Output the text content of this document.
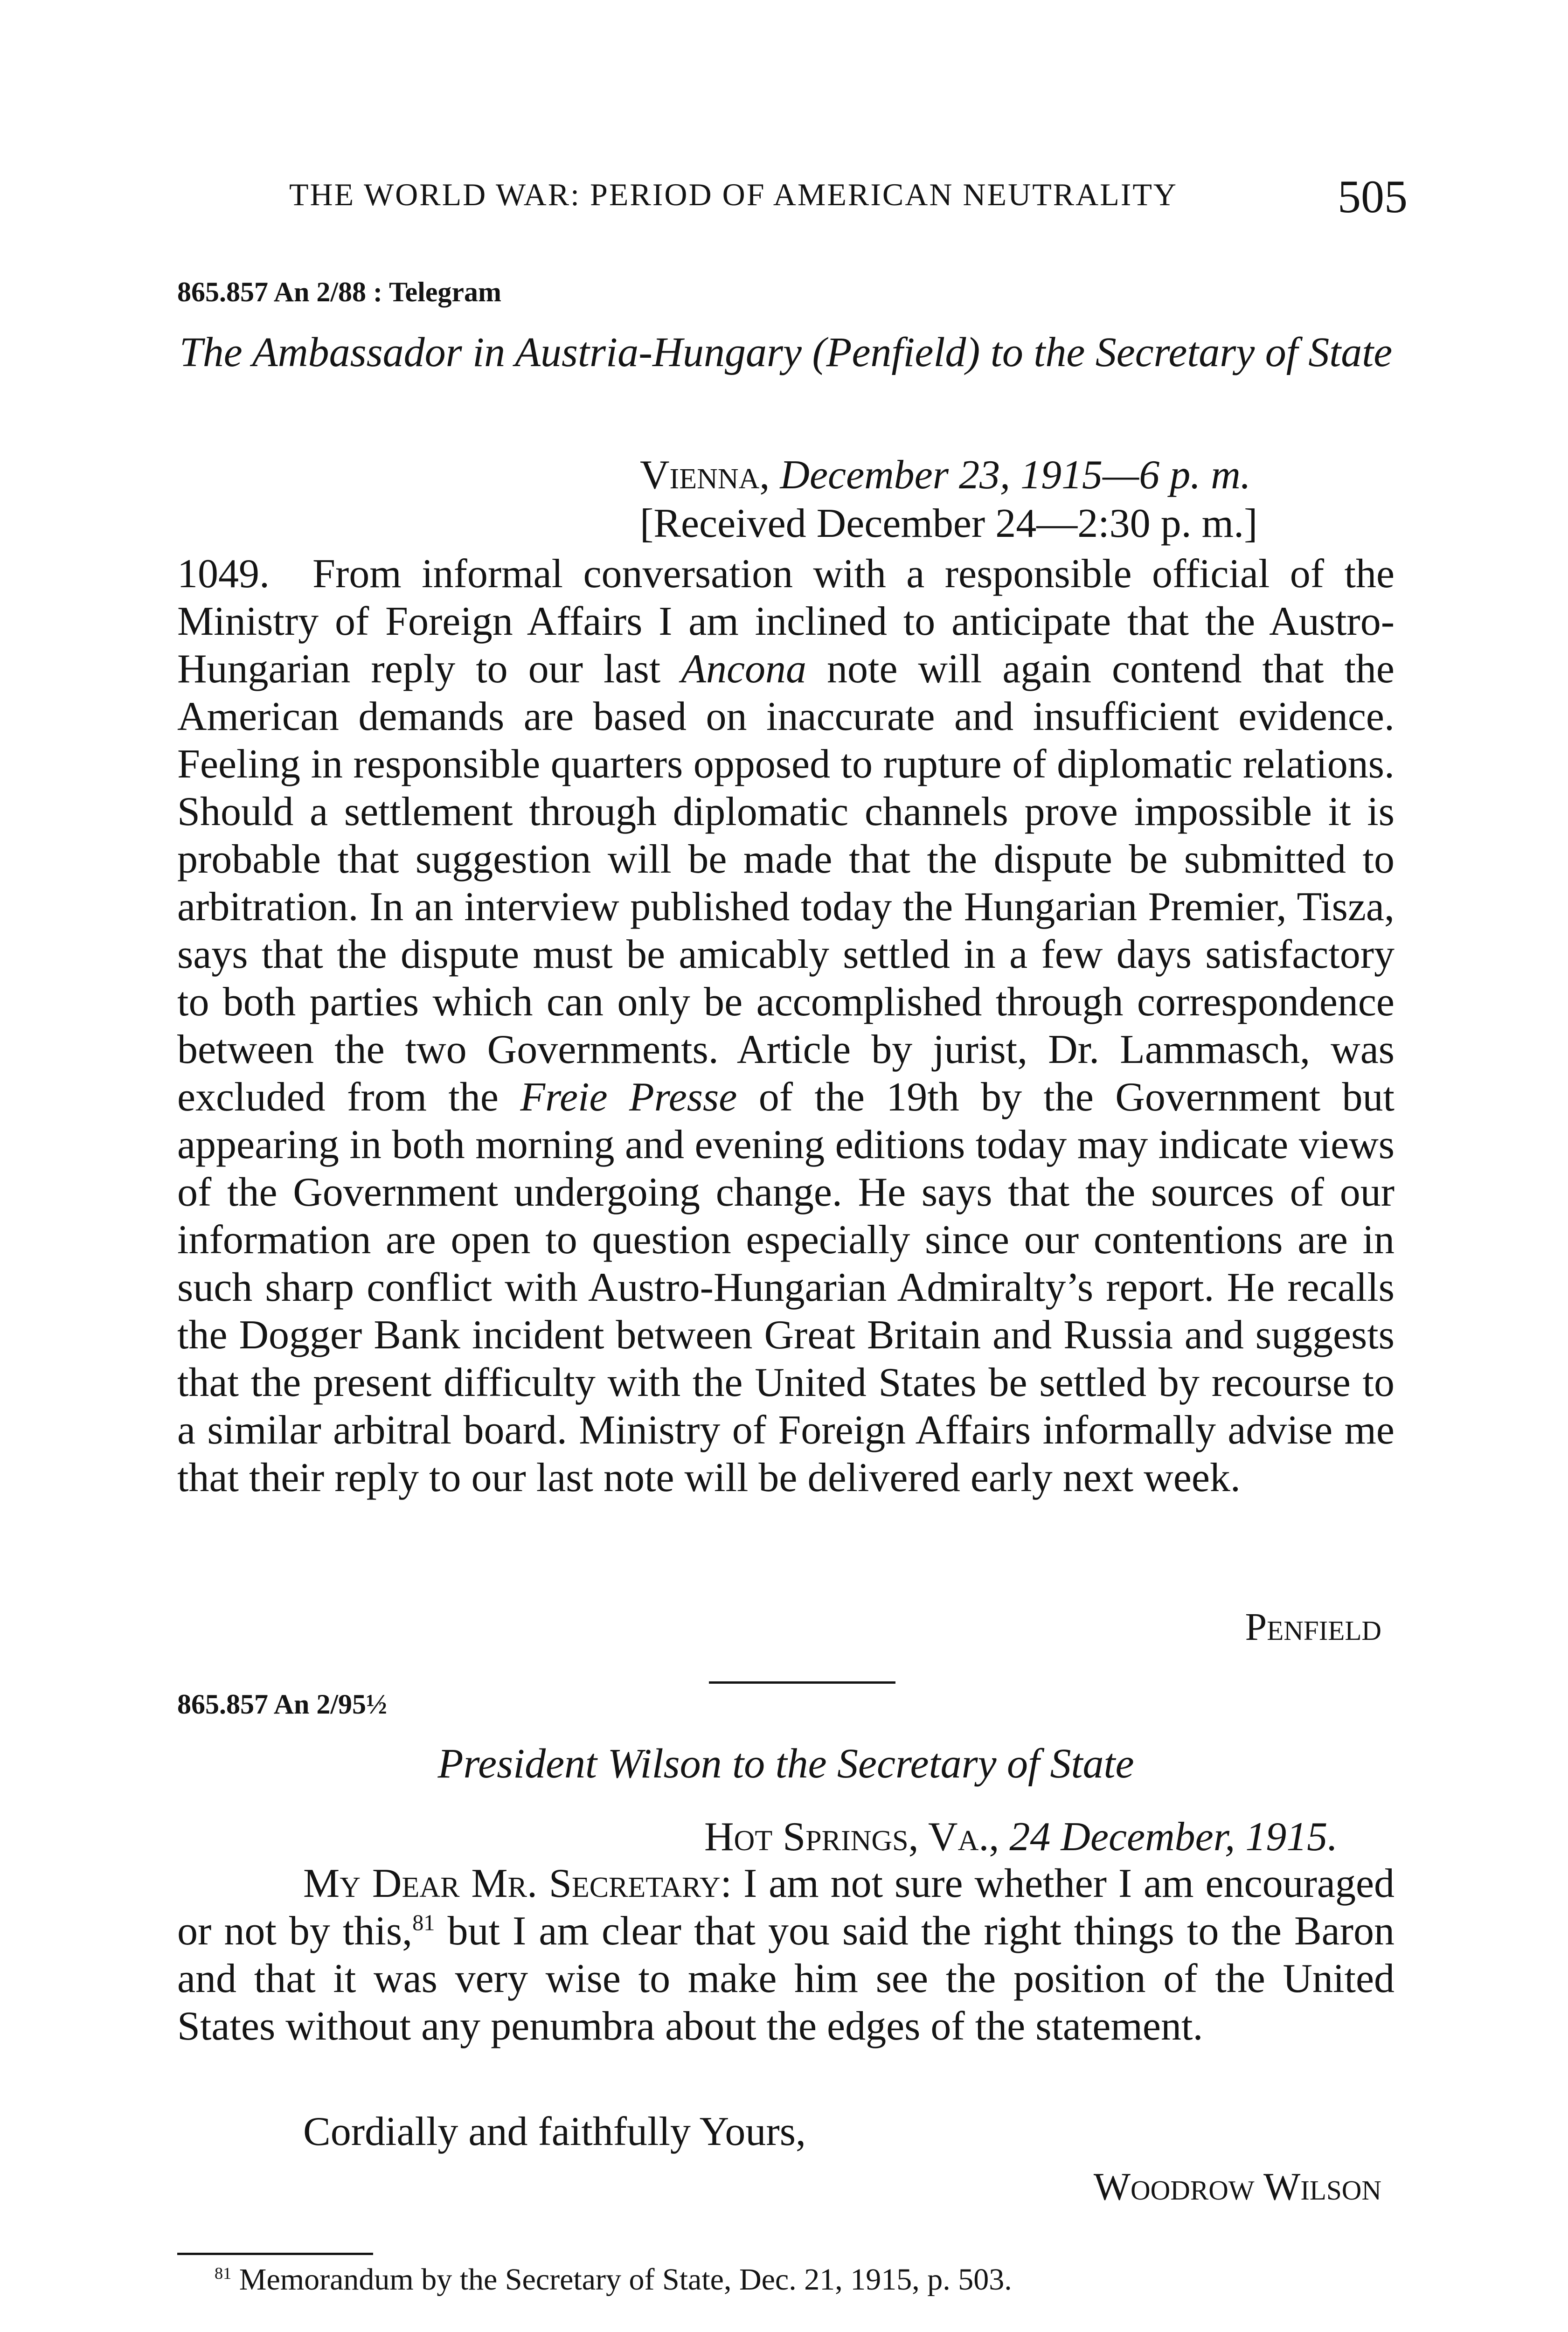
THE WORLD WAR: PERIOD OF AMERICAN NEUTRALITY	505
865.857 An 2/88 : Telegram
The Ambassador in Austria-Hungary (Penfield) to the Secretary of State
Vienna, December 23, 1915—6 p. m.
[Received December 24—2:30 p. m.]
1049. From informal conversation with a responsible official of the Ministry of Foreign Affairs I am inclined to anticipate that the Austro-Hungarian reply to our last Ancona note will again contend that the American demands are based on inaccurate and insufficient evidence. Feeling in responsible quarters opposed to rupture of diplomatic relations. Should a settlement through diplomatic channels prove impossible it is probable that suggestion will be made that the dispute be submitted to arbitration. In an interview published today the Hungarian Premier, Tisza, says that the dispute must be amicably settled in a few days satisfactory to both parties which can only be accomplished through correspondence between the two Governments. Article by jurist, Dr. Lammasch, was excluded from the Freie Presse of the 19th by the Government but appearing in both morning and evening editions today may indicate views of the Government undergoing change. He says that the sources of our information are open to question especially since our contentions are in such sharp conflict with Austro-Hungarian Admiralty’s report. He recalls the Dogger Bank incident between Great Britain and Russia and suggests that the present difficulty with the United States be settled by recourse to a similar arbitral board. Ministry of Foreign Affairs informally advise me that their reply to our last note will be delivered early next week.
Penfield
865.857 An 2/95½
President Wilson to the Secretary of State
Hot Springs, Va., 24 December, 1915.
My Dear Mr. Secretary: I am not sure whether I am encouraged or not by this,$^{81}$ but I am clear that you said the right things to the Baron and that it was very wise to make him see the position of the United States without any penumbra about the edges of the statement.
Cordially and faithfully Yours,
Woodrow Wilson
$^{81}$ Memorandum by the Secretary of State, Dec. 21, 1915, p. 503.
